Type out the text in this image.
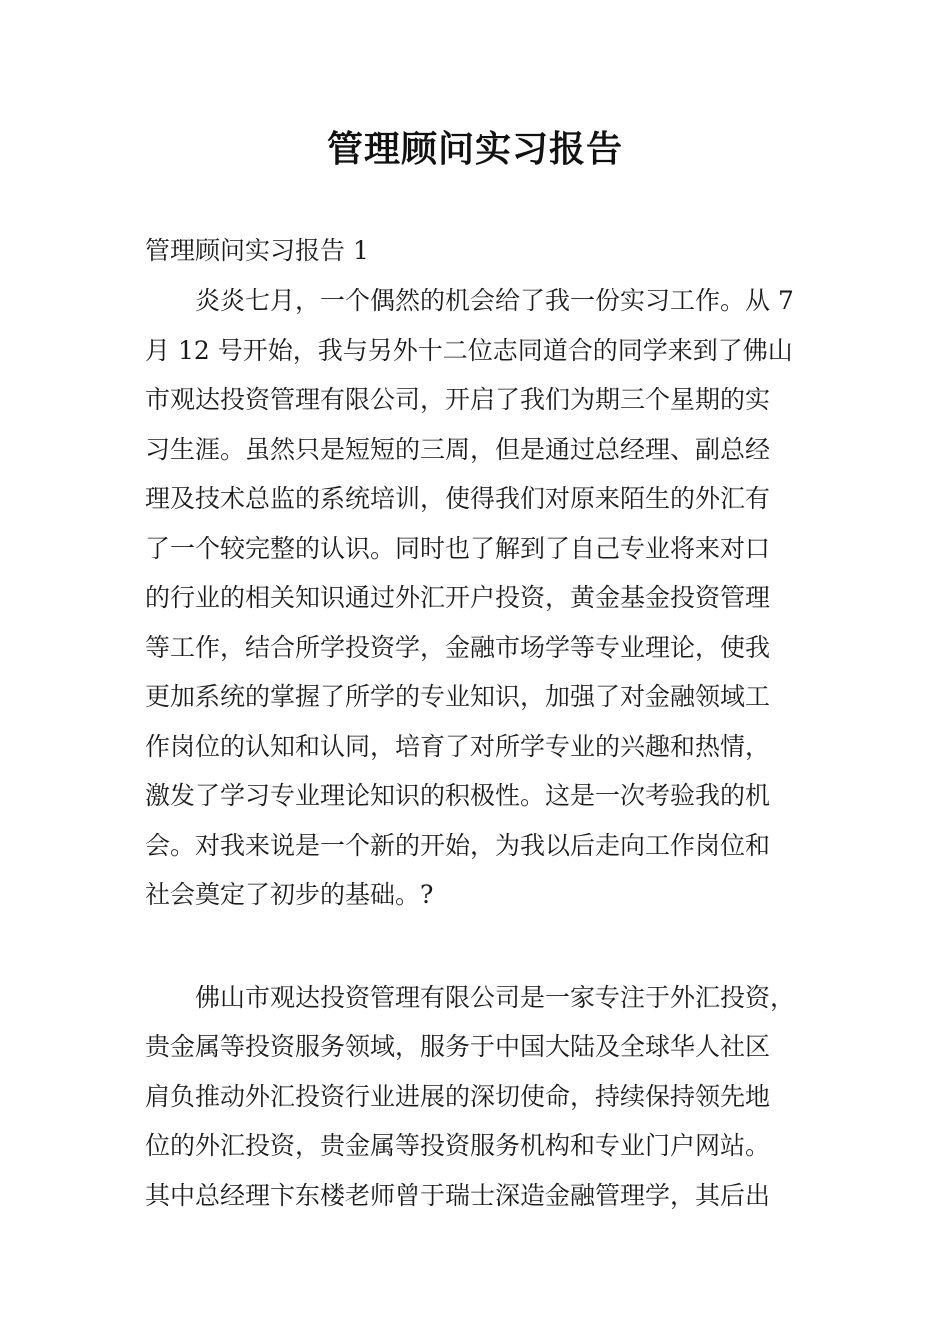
管理顾问实习报告
管理顾问实习报告 1
　　炎炎七月，一个偶然的机会给了我一份实习工作。从 7
月 12 号开始，我与另外十二位志同道合的同学来到了佛山
市观达投资管理有限公司，开启了我们为期三个星期的实
习生涯。虽然只是短短的三周，但是通过总经理、副总经
理及技术总监的系统培训，使得我们对原来陌生的外汇有
了一个较完整的认识。同时也了解到了自己专业将来对口
的行业的相关知识通过外汇开户投资，黄金基金投资管理
等工作，结合所学投资学，金融市场学等专业理论，使我
更加系统的掌握了所学的专业知识，加强了对金融领域工
作岗位的认知和认同，培育了对所学专业的兴趣和热情，
激发了学习专业理论知识的积极性。这是一次考验我的机
会。对我来说是一个新的开始，为我以后走向工作岗位和
社会奠定了初步的基础。?
　　佛山市观达投资管理有限公司是一家专注于外汇投资，
贵金属等投资服务领域，服务于中国大陆及全球华人社区
肩负推动外汇投资行业进展的深切使命，持续保持领先地
位的外汇投资，贵金属等投资服务机构和专业门户网站。
其中总经理卞东楼老师曾于瑞士深造金融管理学，其后出
